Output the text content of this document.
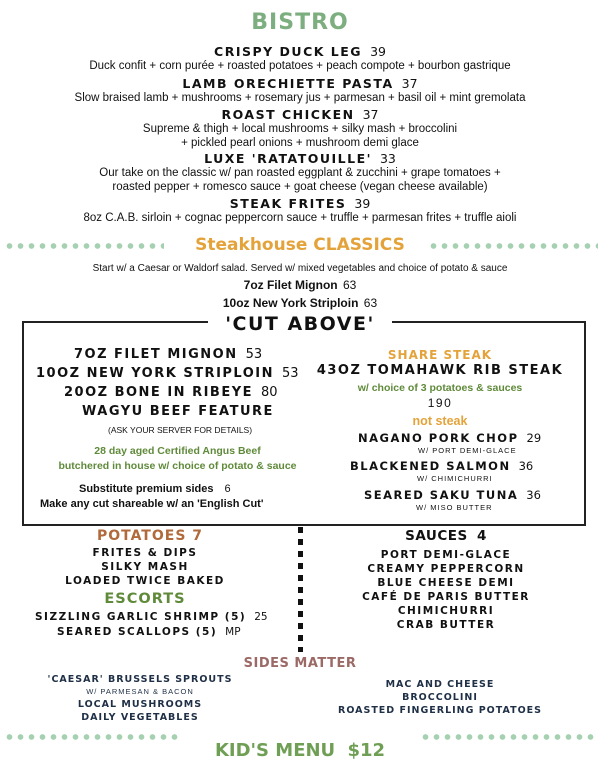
BISTRO
CRISPY DUCK LEG 39
Duck confit + corn purée + roasted potatoes + peach compote + bourbon gastrique
LAMB ORECHIETTE PASTA 37
Slow braised lamb + mushrooms + rosemary jus + parmesan + basil oil + mint gremolata
ROAST CHICKEN 37
Supreme & thigh + local mushrooms + silky mash + broccolini
+ pickled pearl onions + mushroom demi glace
LUXE 'RATATOUILLE' 33
Our take on the classic w/ pan roasted eggplant & zucchini + grape tomatoes +
roasted pepper + romesco sauce + goat cheese (vegan cheese available)
STEAK FRITES 39
8oz C.A.B. sirloin + cognac peppercorn sauce + truffle + parmesan frites + truffle aioli
Steakhouse CLASSICS
Start w/ a Caesar or Waldorf salad. Served w/ mixed vegetables and choice of potato & sauce
7oz Filet Mignon 63
10oz New York Striploin 63
'CUT ABOVE'
7OZ FILET MIGNON 53
10OZ NEW YORK STRIPLOIN 53
20OZ BONE IN RIBEYE 80
WAGYU BEEF FEATURE
(ASK YOUR SERVER FOR DETAILS)
28 day aged Certified Angus Beef
butchered in house w/ choice of potato & sauce
Substitute premium sides 6
Make any cut shareable w/ an 'English Cut'
SHARE STEAK
43OZ TOMAHAWK RIB STEAK
w/ choice of 3 potatoes & sauces
190
not steak
NAGANO PORK CHOP 29
W/ PORT DEMI-GLACE
BLACKENED SALMON 36
W/ CHIMICHURRI
SEARED SAKU TUNA 36
W/ MISO BUTTER
POTATOES 7
FRITES & DIPS
SILKY MASH
LOADED TWICE BAKED
ESCORTS
SIZZLING GARLIC SHRIMP (5) 25
SEARED SCALLOPS (5) MP
SAUCES 4
PORT DEMI-GLACE
CREAMY PEPPERCORN
BLUE CHEESE DEMI
CAFÉ DE PARIS BUTTER
CHIMICHURRI
CRAB BUTTER
SIDES MATTER
'CAESAR' BRUSSELS SPROUTS
W/ PARMESAN & BACON
LOCAL MUSHROOMS
DAILY VEGETABLES
MAC AND CHEESE
BROCCOLINI
ROASTED FINGERLING POTATOES
KID'S MENU $12
